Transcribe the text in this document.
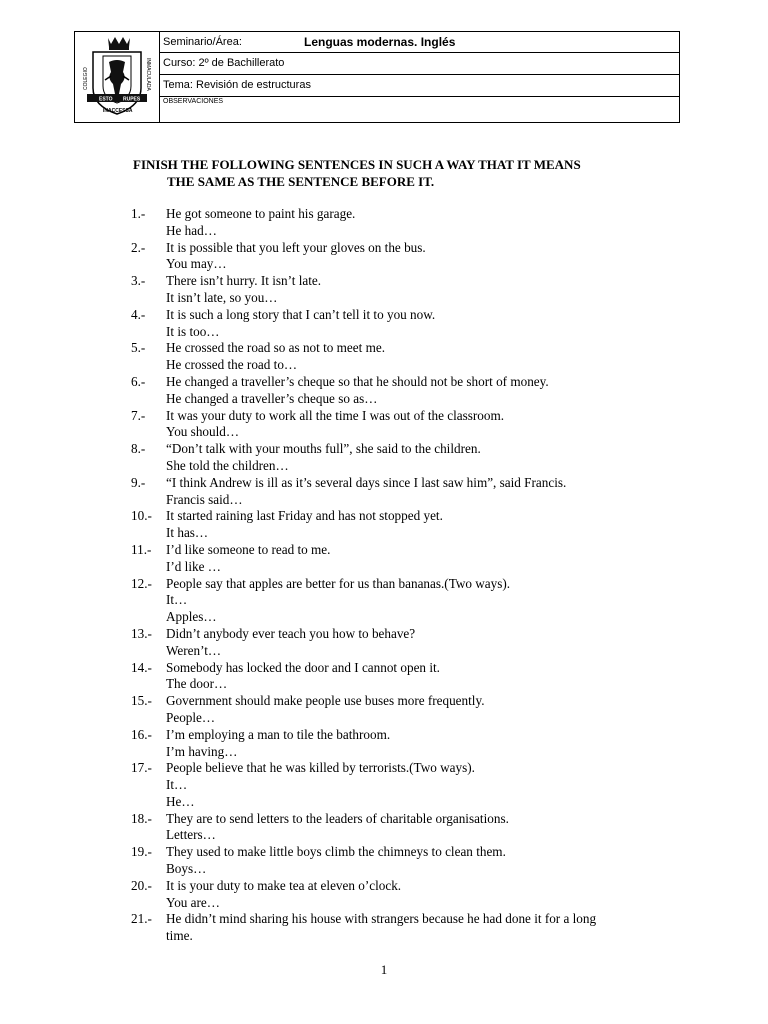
ESTO RUPES
INACCESSA
COLEGIO	INMACULADA
Seminario/Área:	Lenguas modernas. Inglés
Curso: 2º de Bachillerato
Tema: Revisión de estructuras
OBSERVACIONES
FINISH THE FOLLOWING SENTENCES IN SUCH A WAY THAT IT MEANS
THE SAME AS THE SENTENCE BEFORE IT.
1.- He got someone to paint his garage.
He had…
2.- It is possible that you left your gloves on the bus.
You may…
3.- There isn’t hurry. It isn’t late.
It isn’t late, so you…
4.- It is such a long story that I can’t tell it to you now.
It is too…
5.- He crossed the road so as not to meet me.
He crossed the road to…
6.- He changed a traveller’s cheque so that he should not be short of money.
He changed a traveller’s cheque so as…
7.- It was your duty to work all the time I was out of the classroom.
You should…
8.- “Don’t talk with your mouths full”, she said to the children.
She told the children…
9.- “I think Andrew is ill as it’s several days since I last saw him”, said Francis.
Francis said…
10.- It started raining last Friday and has not stopped yet.
It has…
11.- I’d like someone to read to me.
I’d like …
12.- People say that apples are better for us than bananas.(Two ways).
It…
Apples…
13.- Didn’t anybody ever teach you how to behave?
Weren’t…
14.- Somebody has locked the door and I cannot open it.
The door…
15.- Government should make people use buses more frequently.
People…
16.- I’m employing a man to tile the bathroom.
I’m having…
17.- People believe that he was killed by terrorists.(Two ways).
It…
He…
18.- They are to send letters to the leaders of charitable organisations.
Letters…
19.- They used to make little boys climb the chimneys to clean them.
Boys…
20.- It is your duty to make tea at eleven o’clock.
You are…
21.- He didn’t mind sharing his house with strangers because he had done it for a long
time.
1
